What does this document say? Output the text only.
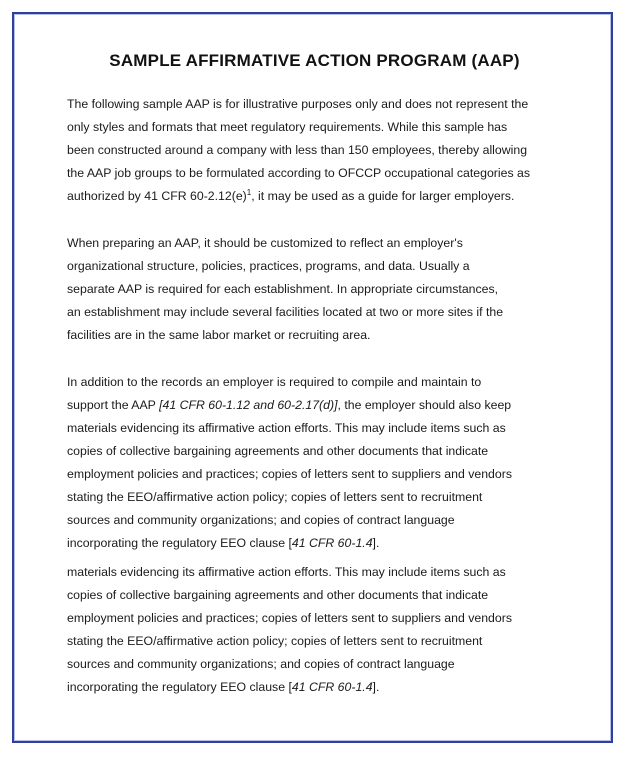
SAMPLE AFFIRMATIVE ACTION PROGRAM (AAP)

The following sample AAP is for illustrative purposes only and does not represent the
only styles and formats that meet regulatory requirements. While this sample has
been constructed around a company with less than 150 employees, thereby allowing
the AAP job groups to be formulated according to OFCCP occupational categories as
authorized by 41 CFR $60-2.12(e)^1$, it may be used as a guide for larger employers.

When preparing an AAP, it should be customized to reflect an employer's
organizational structure, policies, practices, programs, and data. Usually a
separate AAP is required for each establishment. In appropriate circumstances,
an establishment may include several facilities located at two or more sites if the
facilities are in the same labor market or recruiting area.

In addition to the records an employer is required to compile and maintain to
support the AAP [41 CFR 60-1.12 and 60-2.17(d)], the employer should also keep
materials evidencing its affirmative action efforts. This may include items such as
copies of collective bargaining agreements and other documents that indicate
employment policies and practices; copies of letters sent to suppliers and vendors
stating the EEO/affirmative action policy; copies of letters sent to recruitment
sources and community organizations; and copies of contract language
incorporating the regulatory EEO clause [41 CFR 60-1.4].

materials evidencing its affirmative action efforts. This may include items such as
copies of collective bargaining agreements and other documents that indicate
employment policies and practices; copies of letters sent to suppliers and vendors
stating the EEO/affirmative action policy; copies of letters sent to recruitment
sources and community organizations; and copies of contract language
incorporating the regulatory EEO clause [41 CFR 60-1.4].
